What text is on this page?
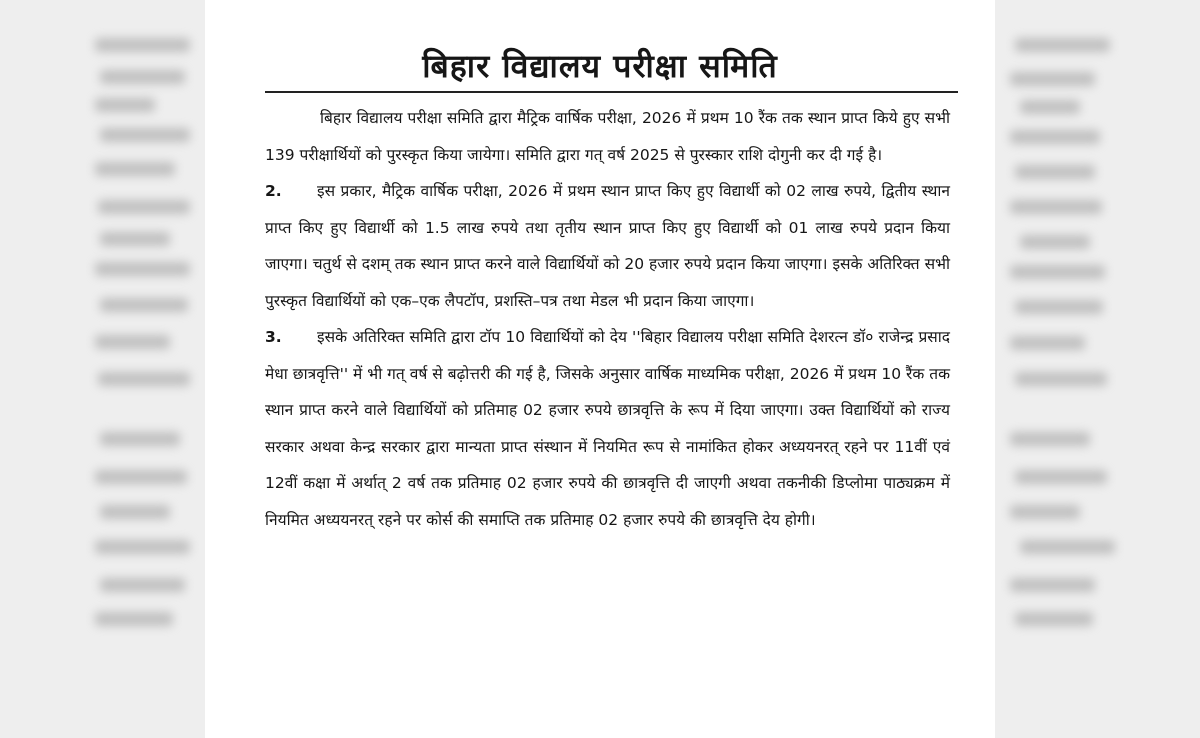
बिहार विद्यालय परीक्षा समिति

बिहार विद्यालय परीक्षा समिति द्वारा मैट्रिक वार्षिक परीक्षा, 2026 में प्रथम 10 रैंक तक स्थान प्राप्त किये हुए सभी 139 परीक्षार्थियों को पुरस्कृत किया जायेगा। समिति द्वारा गत् वर्ष 2025 से पुरस्कार राशि दोगुनी कर दी गई है।

2. इस प्रकार, मैट्रिक वार्षिक परीक्षा, 2026 में प्रथम स्थान प्राप्त किए हुए विद्यार्थी को 02 लाख रुपये, द्वितीय स्थान प्राप्त किए हुए विद्यार्थी को 1.5 लाख रुपये तथा तृतीय स्थान प्राप्त किए हुए विद्यार्थी को 01 लाख रुपये प्रदान किया जाएगा। चतुर्थ से दशम् तक स्थान प्राप्त करने वाले विद्यार्थियों को 20 हजार रुपये प्रदान किया जाएगा। इसके अतिरिक्त सभी पुरस्कृत विद्यार्थियों को एक–एक लैपटॉप, प्रशस्ति–पत्र तथा मेडल भी प्रदान किया जाएगा।

3. इसके अतिरिक्त समिति द्वारा टॉप 10 विद्यार्थियों को देय ''बिहार विद्यालय परीक्षा समिति देशरत्न डॉ० राजेन्द्र प्रसाद मेधा छात्रवृत्ति'' में भी गत् वर्ष से बढ़ोत्तरी की गई है, जिसके अनुसार वार्षिक माध्यमिक परीक्षा, 2026 में प्रथम 10 रैंक तक स्थान प्राप्त करने वाले विद्यार्थियों को प्रतिमाह 02 हजार रुपये छात्रवृत्ति के रूप में दिया जाएगा। उक्त विद्यार्थियों को राज्य सरकार अथवा केन्द्र सरकार द्वारा मान्यता प्राप्त संस्थान में नियमित रूप से नामांकित होकर अध्ययनरत् रहने पर 11वीं एवं 12वीं कक्षा में अर्थात् 2 वर्ष तक प्रतिमाह 02 हजार रुपये की छात्रवृत्ति दी जाएगी अथवा तकनीकी डिप्लोमा पाठ्यक्रम में नियमित अध्ययनरत् रहने पर कोर्स की समाप्ति तक प्रतिमाह 02 हजार रुपये की छात्रवृत्ति देय होगी।
